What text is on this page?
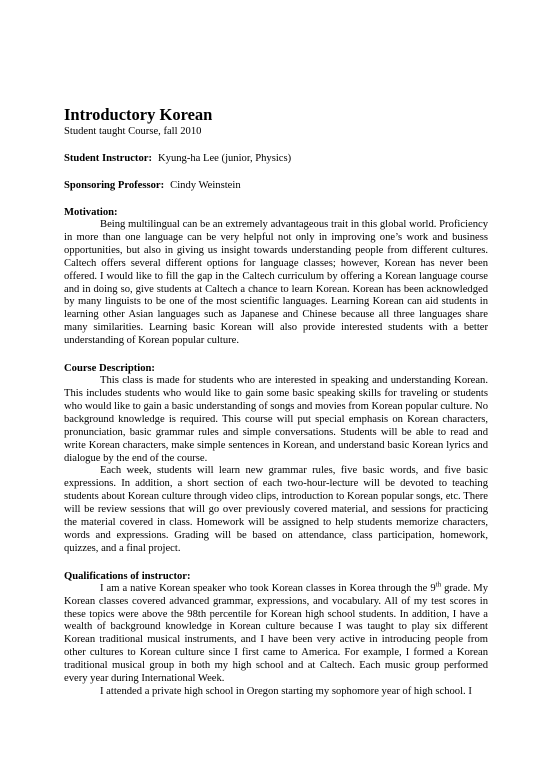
Introductory Korean

Student taught Course, fall 2010

Student Instructor: Kyung-ha Lee (junior, Physics)

Sponsoring Professor: Cindy Weinstein

Motivation:

Being multilingual can be an extremely advantageous trait in this global world. Proficiency in more than one language can be very helpful not only in improving one’s work and business opportunities, but also in giving us insight towards understanding people from different cultures. Caltech offers several different options for language classes; however, Korean has never been offered. I would like to fill the gap in the Caltech curriculum by offering a Korean language course and in doing so, give students at Caltech a chance to learn Korean. Korean has been acknowledged by many linguists to be one of the most scientific languages. Learning Korean can aid students in learning other Asian languages such as Japanese and Chinese because all three languages share many similarities. Learning basic Korean will also provide interested students with a better understanding of Korean popular culture.

Course Description:

This class is made for students who are interested in speaking and understanding Korean. This includes students who would like to gain some basic speaking skills for traveling or students who would like to gain a basic understanding of songs and movies from Korean popular culture. No background knowledge is required. This course will put special emphasis on Korean characters, pronunciation, basic grammar rules and simple conversations. Students will be able to read and write Korean characters, make simple sentences in Korean, and understand basic Korean lyrics and dialogue by the end of the course.

Each week, students will learn new grammar rules, five basic words, and five basic expressions. In addition, a short section of each two-hour-lecture will be devoted to teaching students about Korean culture through video clips, introduction to Korean popular songs, etc. There will be review sessions that will go over previously covered material, and sessions for practicing the material covered in class. Homework will be assigned to help students memorize characters, words and expressions. Grading will be based on attendance, class participation, homework, quizzes, and a final project.

Qualifications of instructor:

I am a native Korean speaker who took Korean classes in Korea through the 9th grade. My Korean classes covered advanced grammar, expressions, and vocabulary. All of my test scores in these topics were above the 98th percentile for Korean high school students. In addition, I have a wealth of background knowledge in Korean culture because I was taught to play six different Korean traditional musical instruments, and I have been very active in introducing people from other cultures to Korean culture since I first came to America. For example, I formed a Korean traditional musical group in both my high school and at Caltech. Each music group performed every year during International Week.

I attended a private high school in Oregon starting my sophomore year of high school. I
